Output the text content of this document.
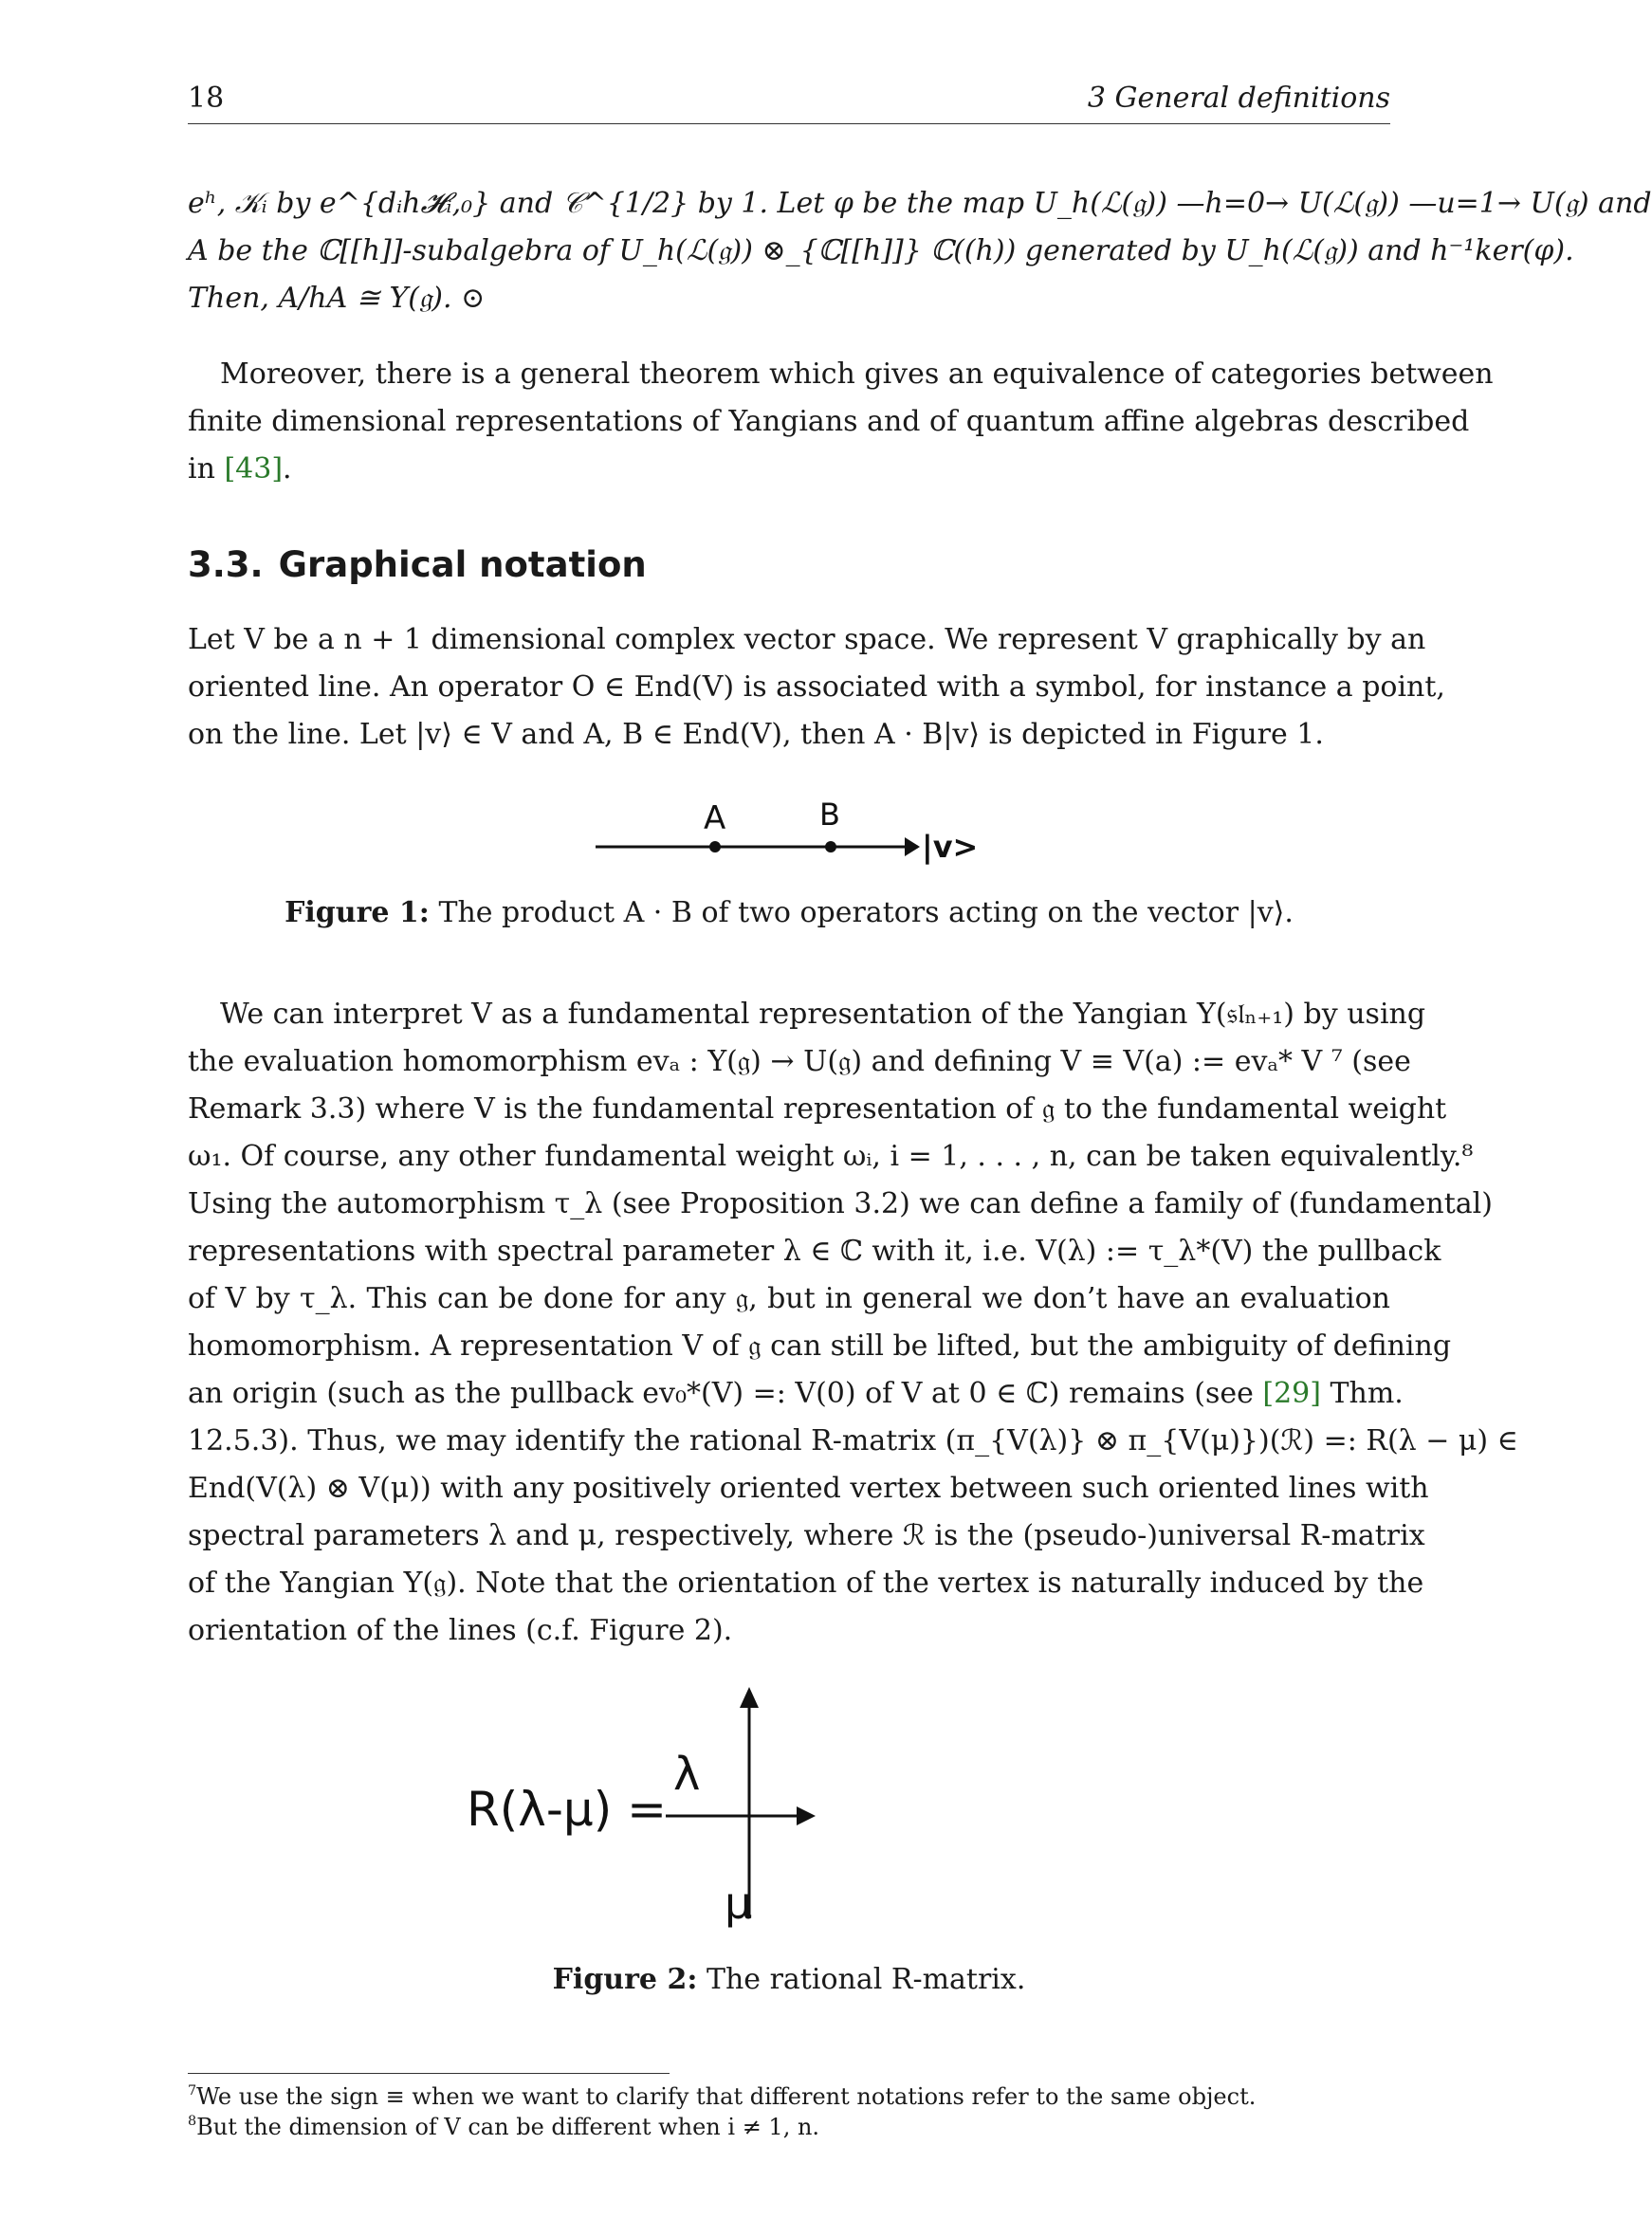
18	3 General definitions
eʰ, 𝒦ᵢ by e^{dᵢh𝓗ᵢ,₀} and 𝒞^{1/2} by 1. Let φ be the map U_h(ℒ(𝔤)) —h=0→ U(ℒ(𝔤)) —u=1→ U(𝔤) and
A be the ℂ[[h]]-subalgebra of U_h(ℒ(𝔤)) ⊗_{ℂ[[h]]} ℂ((h)) generated by U_h(ℒ(𝔤)) and h⁻¹ker(φ).
Then, A/hA ≅ Y(𝔤). ⊙
Moreover, there is a general theorem which gives an equivalence of categories between
finite dimensional representations of Yangians and of quantum affine algebras described
in [43].
3.3. Graphical notation
Let V be a n + 1 dimensional complex vector space. We represent V graphically by an
oriented line. An operator O ∈ End(V) is associated with a symbol, for instance a point,
on the line. Let |v⟩ ∈ V and A, B ∈ End(V), then A · B|v⟩ is depicted in Figure 1.
A	B
|v>
Figure 1: The product A · B of two operators acting on the vector |v⟩.
We can interpret V as a fundamental representation of the Yangian Y(𝔰𝔩ₙ₊₁) by using
the evaluation homomorphism evₐ : Y(𝔤) → U(𝔤) and defining V ≡ V(a) := evₐ* V ⁷ (see
Remark 3.3) where V is the fundamental representation of 𝔤 to the fundamental weight
ω₁. Of course, any other fundamental weight ωᵢ, i = 1, . . . , n, can be taken equivalently.⁸
Using the automorphism τ_λ (see Proposition 3.2) we can define a family of (fundamental)
representations with spectral parameter λ ∈ ℂ with it, i.e. V(λ) := τ_λ*(V) the pullback
of V by τ_λ. This can be done for any 𝔤, but in general we don’t have an evaluation
homomorphism. A representation V of 𝔤 can still be lifted, but the ambiguity of defining
an origin (such as the pullback ev₀*(V) =: V(0) of V at 0 ∈ ℂ) remains (see [29] Thm.
12.5.3). Thus, we may identify the rational R-matrix (π_{V(λ)} ⊗ π_{V(μ)})(ℛ) =: R(λ − μ) ∈
End(V(λ) ⊗ V(μ)) with any positively oriented vertex between such oriented lines with
spectral parameters λ and μ, respectively, where ℛ is the (pseudo-)universal R-matrix
of the Yangian Y(𝔤). Note that the orientation of the vertex is naturally induced by the
orientation of the lines (c.f. Figure 2).
R(λ-μ) =
λ
μ
Figure 2: The rational R-matrix.
$^7$We use the sign ≡ when we want to clarify that different notations refer to the same object.
$^8$But the dimension of V can be different when i ≠ 1, n.
